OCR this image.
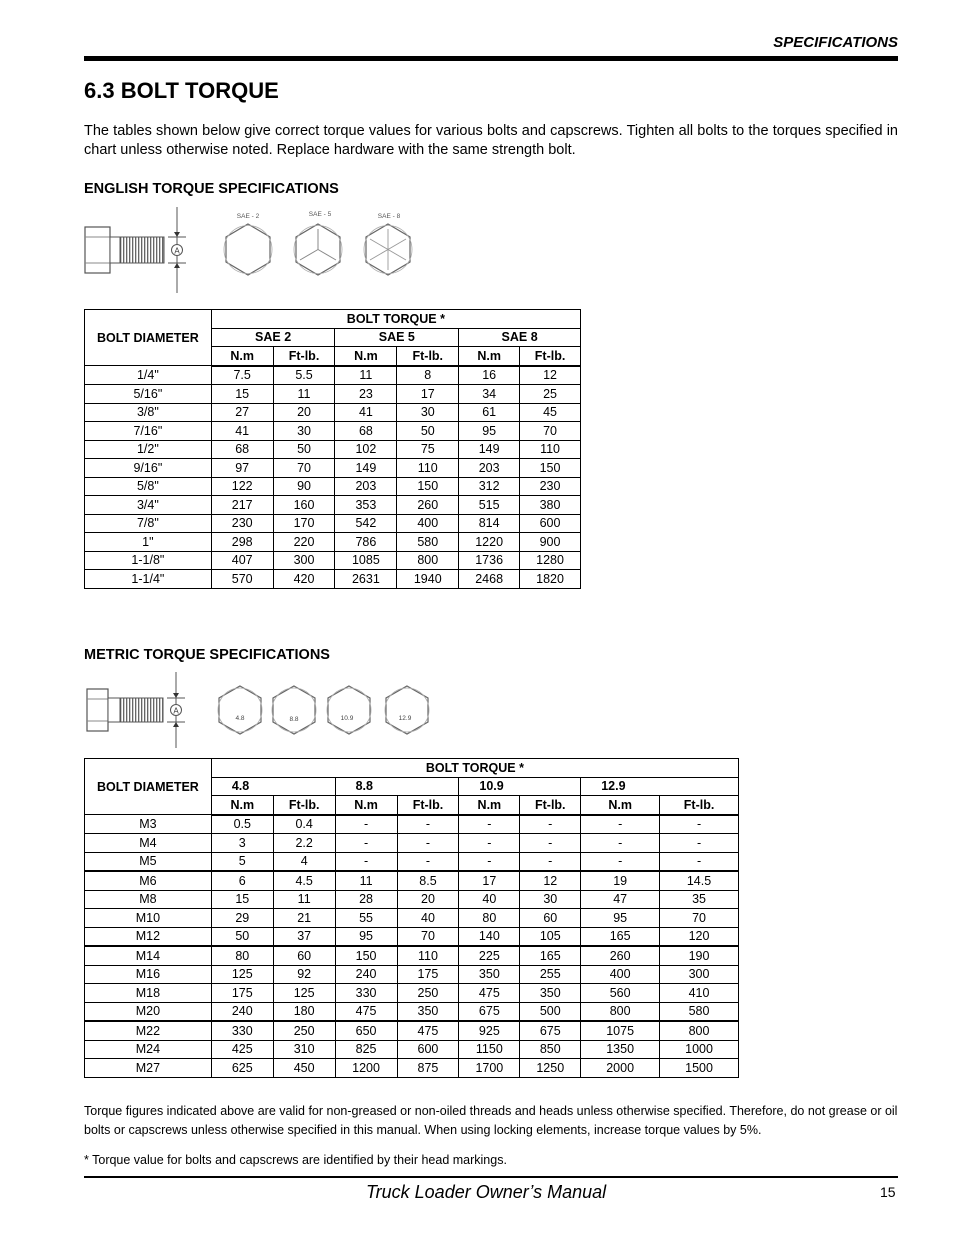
SPECIFICATIONS
6.3 BOLT TORQUE

The tables shown below give correct torque values for various bolts and capscrews. Tighten all bolts to the torques specified in chart unless otherwise noted. Replace hardware with the same strength bolt.

ENGLISH TORQUE SPECIFICATIONS
A
SAE - 2	SAE - 5	SAE - 8
BOLT DIAMETER	BOLT TORQUE *					
	SAE 2		SAE 5		SAE 8	
	N.m	Ft-lb.	N.m	Ft-lb.	N.m	Ft-lb.
1/4"	7.5	5.5	11	8	16	12
5/16"	15	11	23	17	34	25
3/8"	27	20	41	30	61	45
7/16"	41	30	68	50	95	70
1/2"	68	50	102	75	149	110
9/16"	97	70	149	110	203	150
5/8"	122	90	203	150	312	230
3/4"	217	160	353	260	515	380
7/8"	230	170	542	400	814	600
1"	298	220	786	580	1220	900
1-1/8"	407	300	1085	800	1736	1280
1-1/4"	570	420	2631	1940	2468	1820
METRIC TORQUE SPECIFICATIONS
A
4.8	8.8	10.9	12.9
BOLT DIAMETER	BOLT TORQUE *							
	4.8		8.8		10.9		12.9	
	N.m	Ft-lb.	N.m	Ft-lb.	N.m	Ft-lb.	N.m	Ft-lb.
M3	0.5	0.4	-	-	-	-	-	-
M4	3	2.2	-	-	-	-	-	-
M5	5	4	-	-	-	-	-	-
M6	6	4.5	11	8.5	17	12	19	14.5
M8	15	11	28	20	40	30	47	35
M10	29	21	55	40	80	60	95	70
M12	50	37	95	70	140	105	165	120
M14	80	60	150	110	225	165	260	190
M16	125	92	240	175	350	255	400	300
M18	175	125	330	250	475	350	560	410
M20	240	180	475	350	675	500	800	580
M22	330	250	650	475	925	675	1075	800
M24	425	310	825	600	1150	850	1350	1000
M27	625	450	1200	875	1700	1250	2000	1500

Torque figures indicated above are valid for non-greased or non-oiled threads and heads unless otherwise specified. Therefore, do not grease or oil bolts or capscrews unless otherwise specified in this manual. When using locking elements, increase torque values by 5%.

* Torque value for bolts and capscrews are identified by their head markings.

Truck Loader Owner’s Manual	15
